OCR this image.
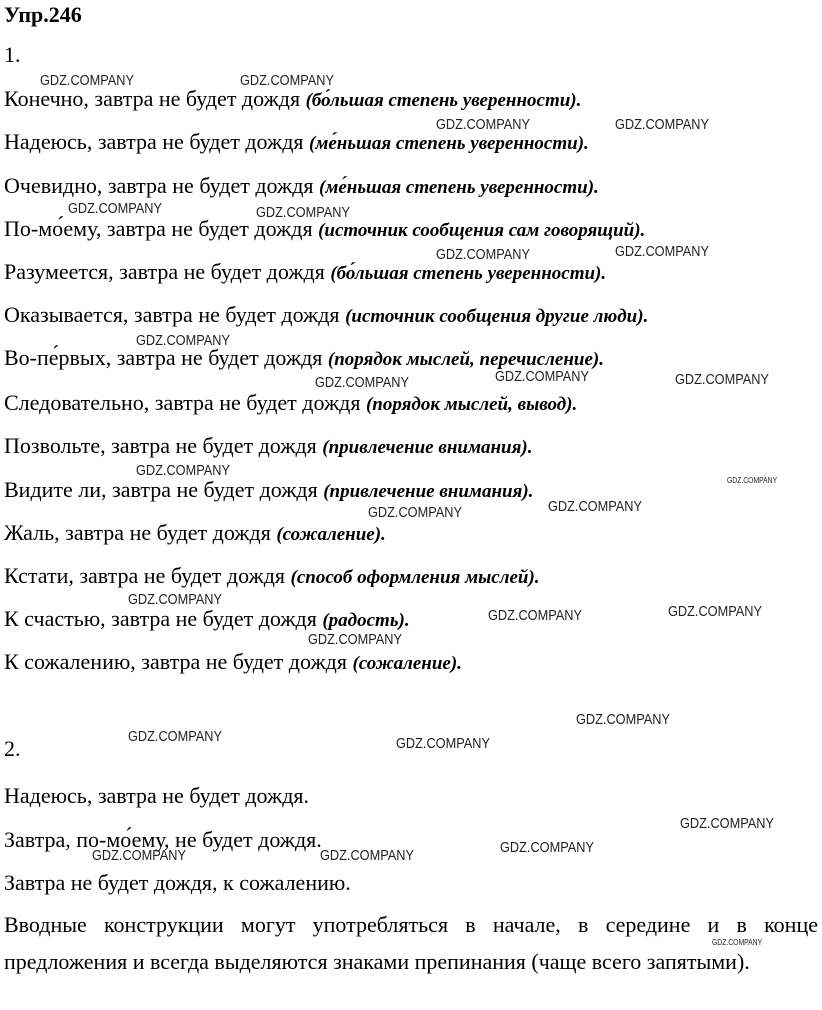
Упр.246
1.
Конечно, завтра не будет дождя (бо́льшая степень уверенности).
Надеюсь, завтра не будет дождя (ме́ньшая степень уверенности).
Очевидно, завтра не будет дождя (ме́ньшая степень уверенности).
По-мо́ему, завтра не будет дождя (источник сообщения сам говорящий).
Разумеется, завтра не будет дождя (бо́льшая степень уверенности).
Оказывается, завтра не будет дождя (источник сообщения другие люди).
Во-пе́рвых, завтра не будет дождя (порядок мыслей, перечисление).
Следовательно, завтра не будет дождя (порядок мыслей, вывод).
Позвольте, завтра не будет дождя (привлечение внимания).
Видите ли, завтра не будет дождя (привлечение внимания).
Жаль, завтра не будет дождя (сожаление).
Кстати, завтра не будет дождя (способ оформления мыслей).
К счастью, завтра не будет дождя (радость).
К сожалению, завтра не будет дождя (сожаление).
2.
Надеюсь, завтра не будет дождя.
Завтра, по-мо́ему, не будет дождя.
Завтра не будет дождя, к сожалению.
Вводные конструкции могут употребляться в начале, в середине и в конце предложения и всегда выделяются знаками препинания (чаще всего запятыми).
GDZ.COMPANY	GDZ.COMPANY
GDZ.COMPANY	GDZ.COMPANY
GDZ.COMPANY	GDZ.COMPANY
GDZ.COMPANY	GDZ.COMPANY
GDZ.COMPANY
GDZ.COMPANY	GDZ.COMPANY	GDZ.COMPANY
GDZ.COMPANY
GDZ.COMPANY
GDZ.COMPANY	GDZ.COMPANY
GDZ.COMPANY
GDZ.COMPANY	GDZ.COMPANY
GDZ.COMPANY
GDZ.COMPANY
GDZ.COMPANY	GDZ.COMPANY
GDZ.COMPANY
GDZ.COMPANY
GDZ.COMPANY	GDZ.COMPANY
GDZ.COMPANY
